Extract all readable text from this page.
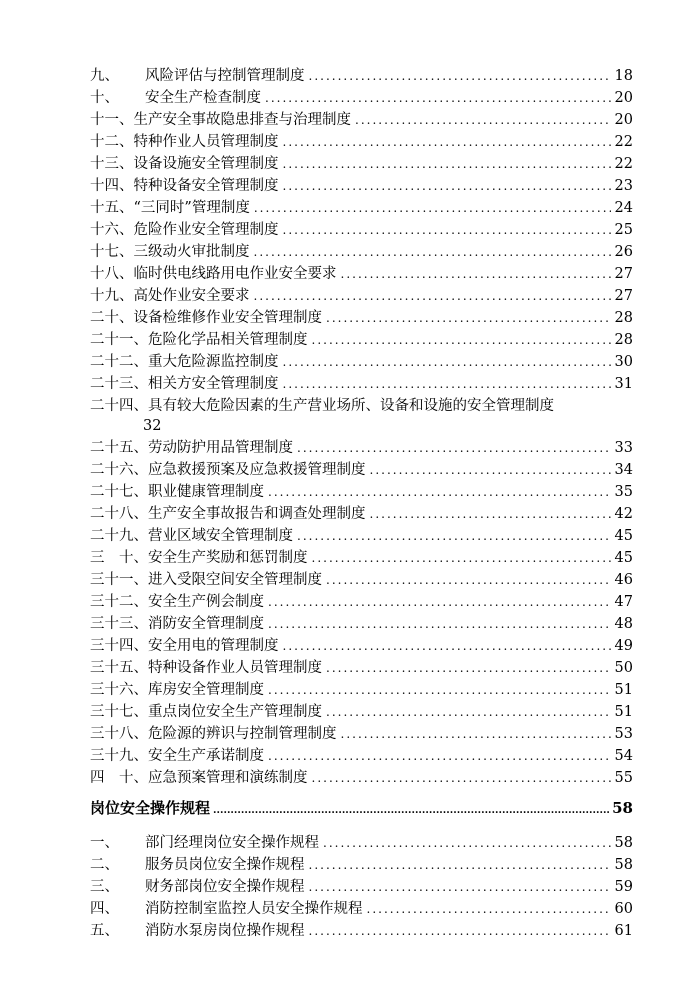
九、	风险评估与控制管理制度 .....	18
十、	安全生产检查制度 .....	20
十一、 生产安全事故隐患排查与治理制度 .....	20
十二、 特种作业人员管理制度 .....	22
十三、 设备设施安全管理制度 .....	22
十四、 特种设备安全管理制度 .....	23
十五、 “三同时”管理制度 .....	24
十六、 危险作业安全管理制度 .....	25
十七、 三级动火审批制度 .....	26
十八、 临时供电线路用电作业安全要求 .....	27
十九、 高处作业安全要求 .....	27
二十、 设备检维修作业安全管理制度 .....	28
二十一、 危险化学品相关管理制度 .....	28
二十二、 重大危险源监控制度 .....	30
二十三、 相关方安全管理制度 .....	31
二十四、具有较大危险因素的生产营业场所、设备和设施的安全管理制度
32
二十五、 劳动防护用品管理制度 .....	33
二十六、 应急救援预案及应急救援管理制度 .....	34
二十七、 职业健康管理制度 .....	35
二十八、 生产安全事故报告和调查处理制度 .....	42
二十九、 营业区域安全管理制度 .....	45
三　十、 安全生产奖励和惩罚制度 .....	45
三十一、 进入受限空间安全管理制度 .....	46
三十二、 安全生产例会制度 .....	47
三十三、 消防安全管理制度 .....	48
三十四、 安全用电的管理制度 .....	49
三十五、 特种设备作业人员管理制度 .....	50
三十六、 库房安全管理制度 .....	51
三十七、 重点岗位安全生产管理制度 .....	51
三十八、 危险源的辨识与控制管理制度 .....	53
三十九、 安全生产承诺制度 .....	54
四　十、 应急预案管理和演练制度 .....	55
岗位安全操作规程 .....	58
一、	部门经理岗位安全操作规程 .....	58
二、	服务员岗位安全操作规程 .....	58
三、	财务部岗位安全操作规程 .....	59
四、	消防控制室监控人员安全操作规程 .....	60
五、	消防水泵房岗位操作规程 .....	61
